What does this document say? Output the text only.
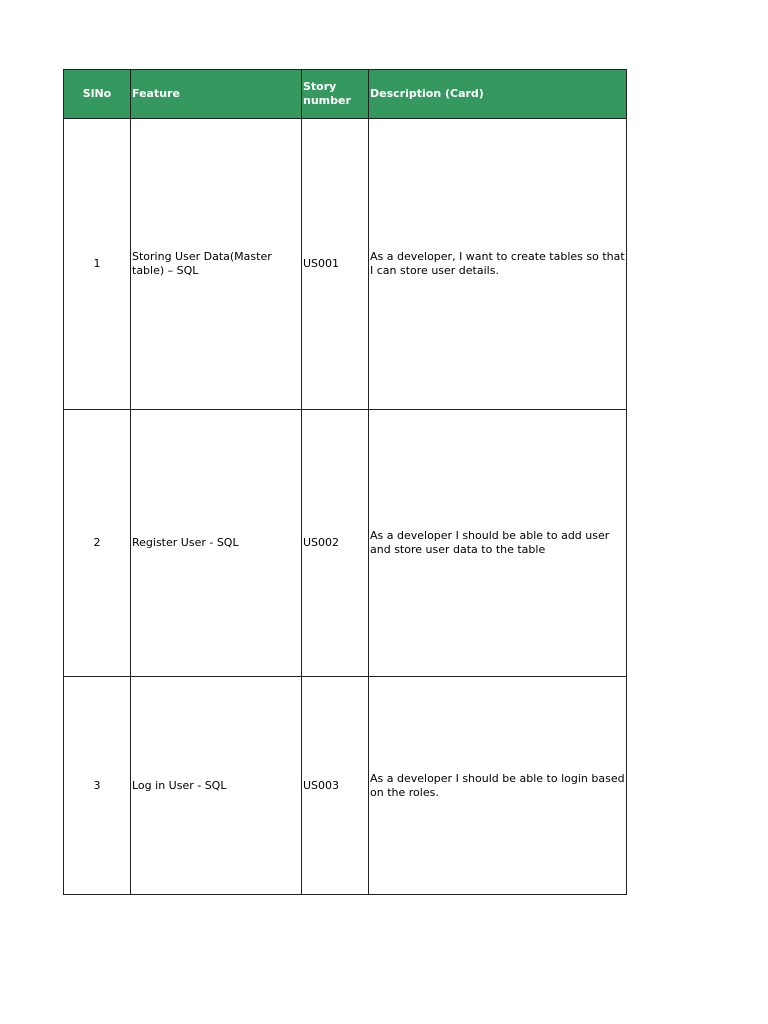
SlNo	Feature	Story number	Description (Card)
1	Storing User Data(Master table) – SQL	US001	As a developer, I want to create tables so that I can store user details.
2	Register User - SQL	US002	As a developer I should be able to add user and store user data to the table
3	Log in User - SQL	US003	As a developer I should be able to login based on the roles.
